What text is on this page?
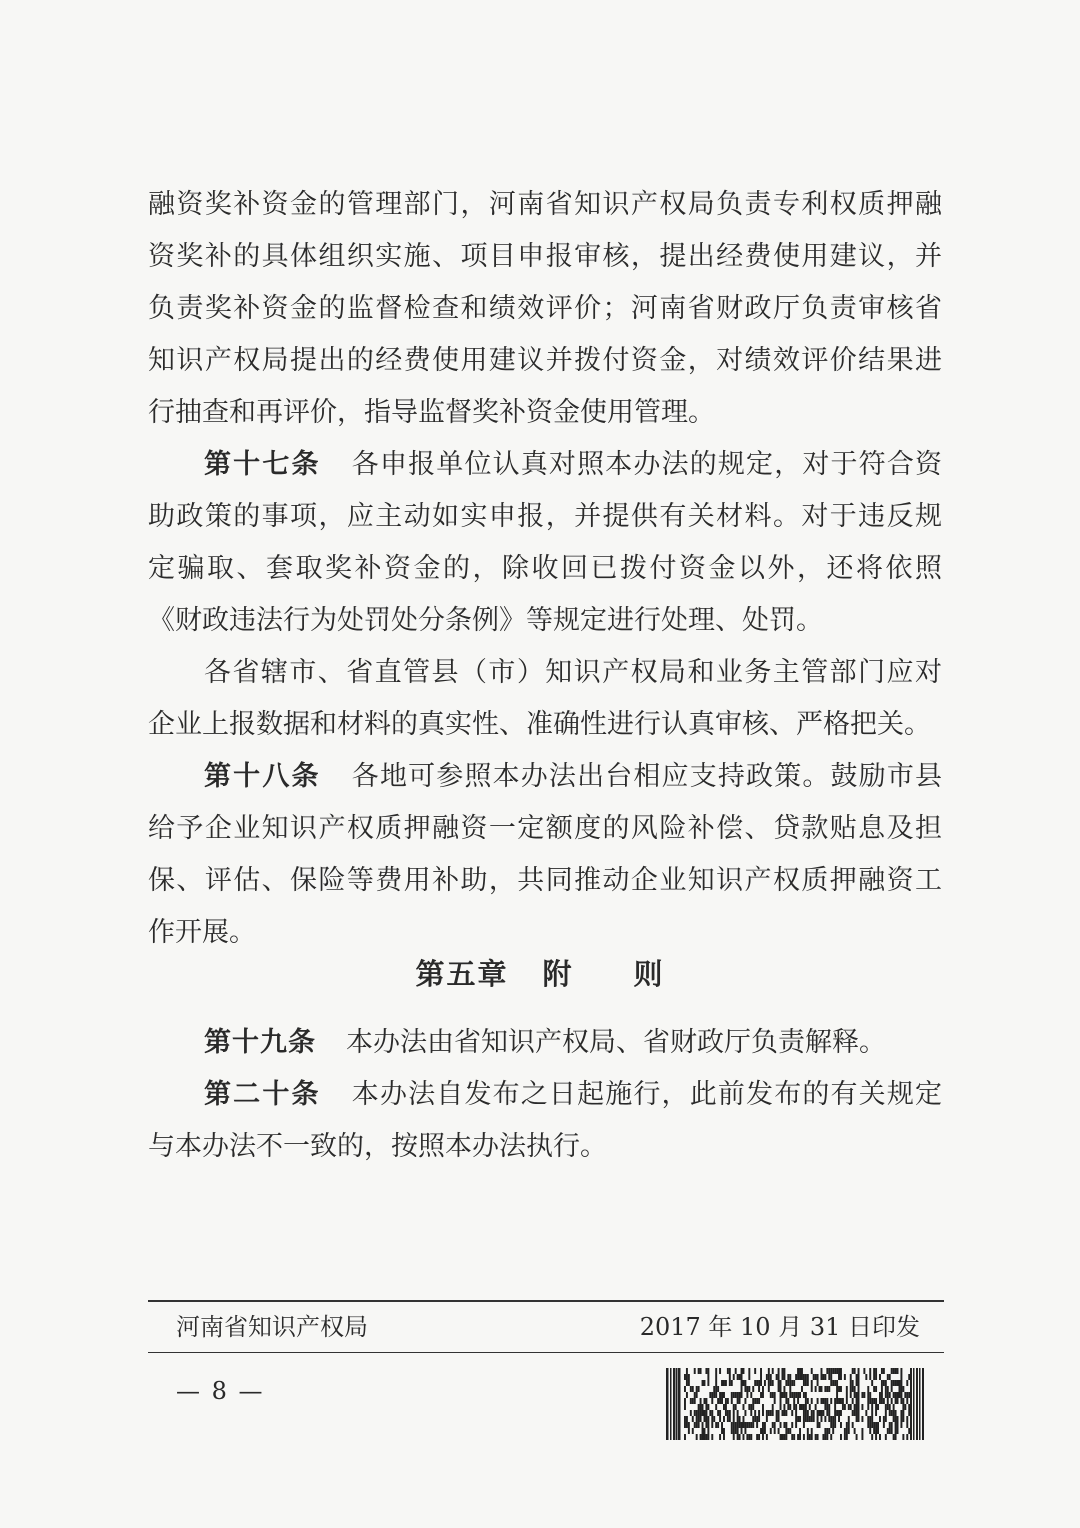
融资奖补资金的管理部门，河南省知识产权局负责专利权质押融
资奖补的具体组织实施、项目申报审核，提出经费使用建议，并
负责奖补资金的监督检查和绩效评价；河南省财政厅负责审核省
知识产权局提出的经费使用建议并拨付资金，对绩效评价结果进
行抽查和再评价，指导监督奖补资金使用管理。
第十七条 各申报单位认真对照本办法的规定，对于符合资
助政策的事项，应主动如实申报，并提供有关材料。对于违反规
定骗取、套取奖补资金的，除收回已拨付资金以外，还将依照
《财政违法行为处罚处分条例》等规定进行处理、处罚。
各省辖市、省直管县（市）知识产权局和业务主管部门应对
企业上报数据和材料的真实性、准确性进行认真审核、严格把关。
第十八条 各地可参照本办法出台相应支持政策。鼓励市县
给予企业知识产权质押融资一定额度的风险补偿、贷款贴息及担
保、评估、保险等费用补助，共同推动企业知识产权质押融资工
作开展。
第五章 附 则
第十九条 本办法由省知识产权局、省财政厅负责解释。
第二十条 本办法自发布之日起施行，此前发布的有关规定
与本办法不一致的，按照本办法执行。
河南省知识产权局	2017 年 10 月 31 日印发
— 8 —
